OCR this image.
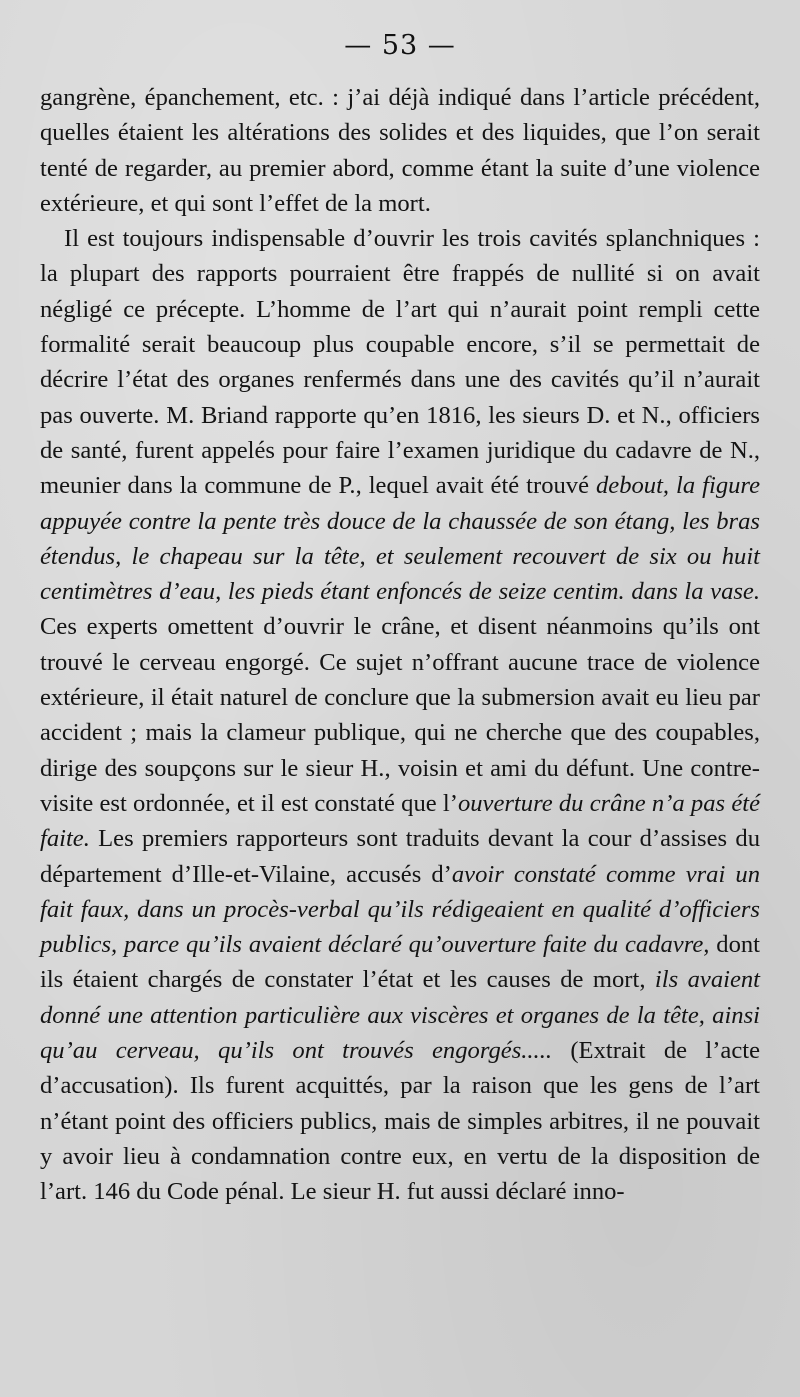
— 53 —

gangrène, épanchement, etc. : j’ai déjà indiqué dans l’article précédent, quelles étaient les altérations des solides et des liquides, que l’on serait tenté de regarder, au premier abord, comme étant la suite d’une violence extérieure, et qui sont l’effet de la mort.

Il est toujours indispensable d’ouvrir les trois cavités splanchniques : la plupart des rapports pourraient être frappés de nullité si on avait négligé ce précepte. L’homme de l’art qui n’aurait point rempli cette formalité serait beaucoup plus coupable encore, s’il se permettait de décrire l’état des organes renfermés dans une des cavités qu’il n’aurait pas ouverte. M. Briand rapporte qu’en 1816, les sieurs D. et N., officiers de santé, furent appelés pour faire l’examen juridique du cadavre de N., meunier dans la commune de P., lequel avait été trouvé debout, la figure appuyée contre la pente très douce de la chaussée de son étang, les bras étendus, le chapeau sur la tête, et seulement recouvert de six ou huit centimètres d’eau, les pieds étant enfoncés de seize centim. dans la vase. Ces experts omettent d’ouvrir le crâne, et disent néanmoins qu’ils ont trouvé le cerveau engorgé. Ce sujet n’offrant aucune trace de violence extérieure, il était naturel de conclure que la submersion avait eu lieu par accident ; mais la clameur publique, qui ne cherche que des coupables, dirige des soupçons sur le sieur H., voisin et ami du défunt. Une contre-visite est ordonnée, et il est constaté que l’ouverture du crâne n’a pas été faite. Les premiers rapporteurs sont traduits devant la cour d’assises du département d’Ille-et-Vilaine, accusés d’avoir constaté comme vrai un fait faux, dans un procès-verbal qu’ils rédigeaient en qualité d’officiers publics, parce qu’ils avaient déclaré qu’ouverture faite du cadavre, dont ils étaient chargés de constater l’état et les causes de mort, ils avaient donné une attention particulière aux viscères et organes de la tête, ainsi qu’au cerveau, qu’ils ont trouvés engorgés..... (Extrait de l’acte d’accusation). Ils furent acquittés, par la raison que les gens de l’art n’étant point des officiers publics, mais de simples arbitres, il ne pouvait y avoir lieu à condamnation contre eux, en vertu de la disposition de l’art. 146 du Code pénal. Le sieur H. fut aussi déclaré inno-
